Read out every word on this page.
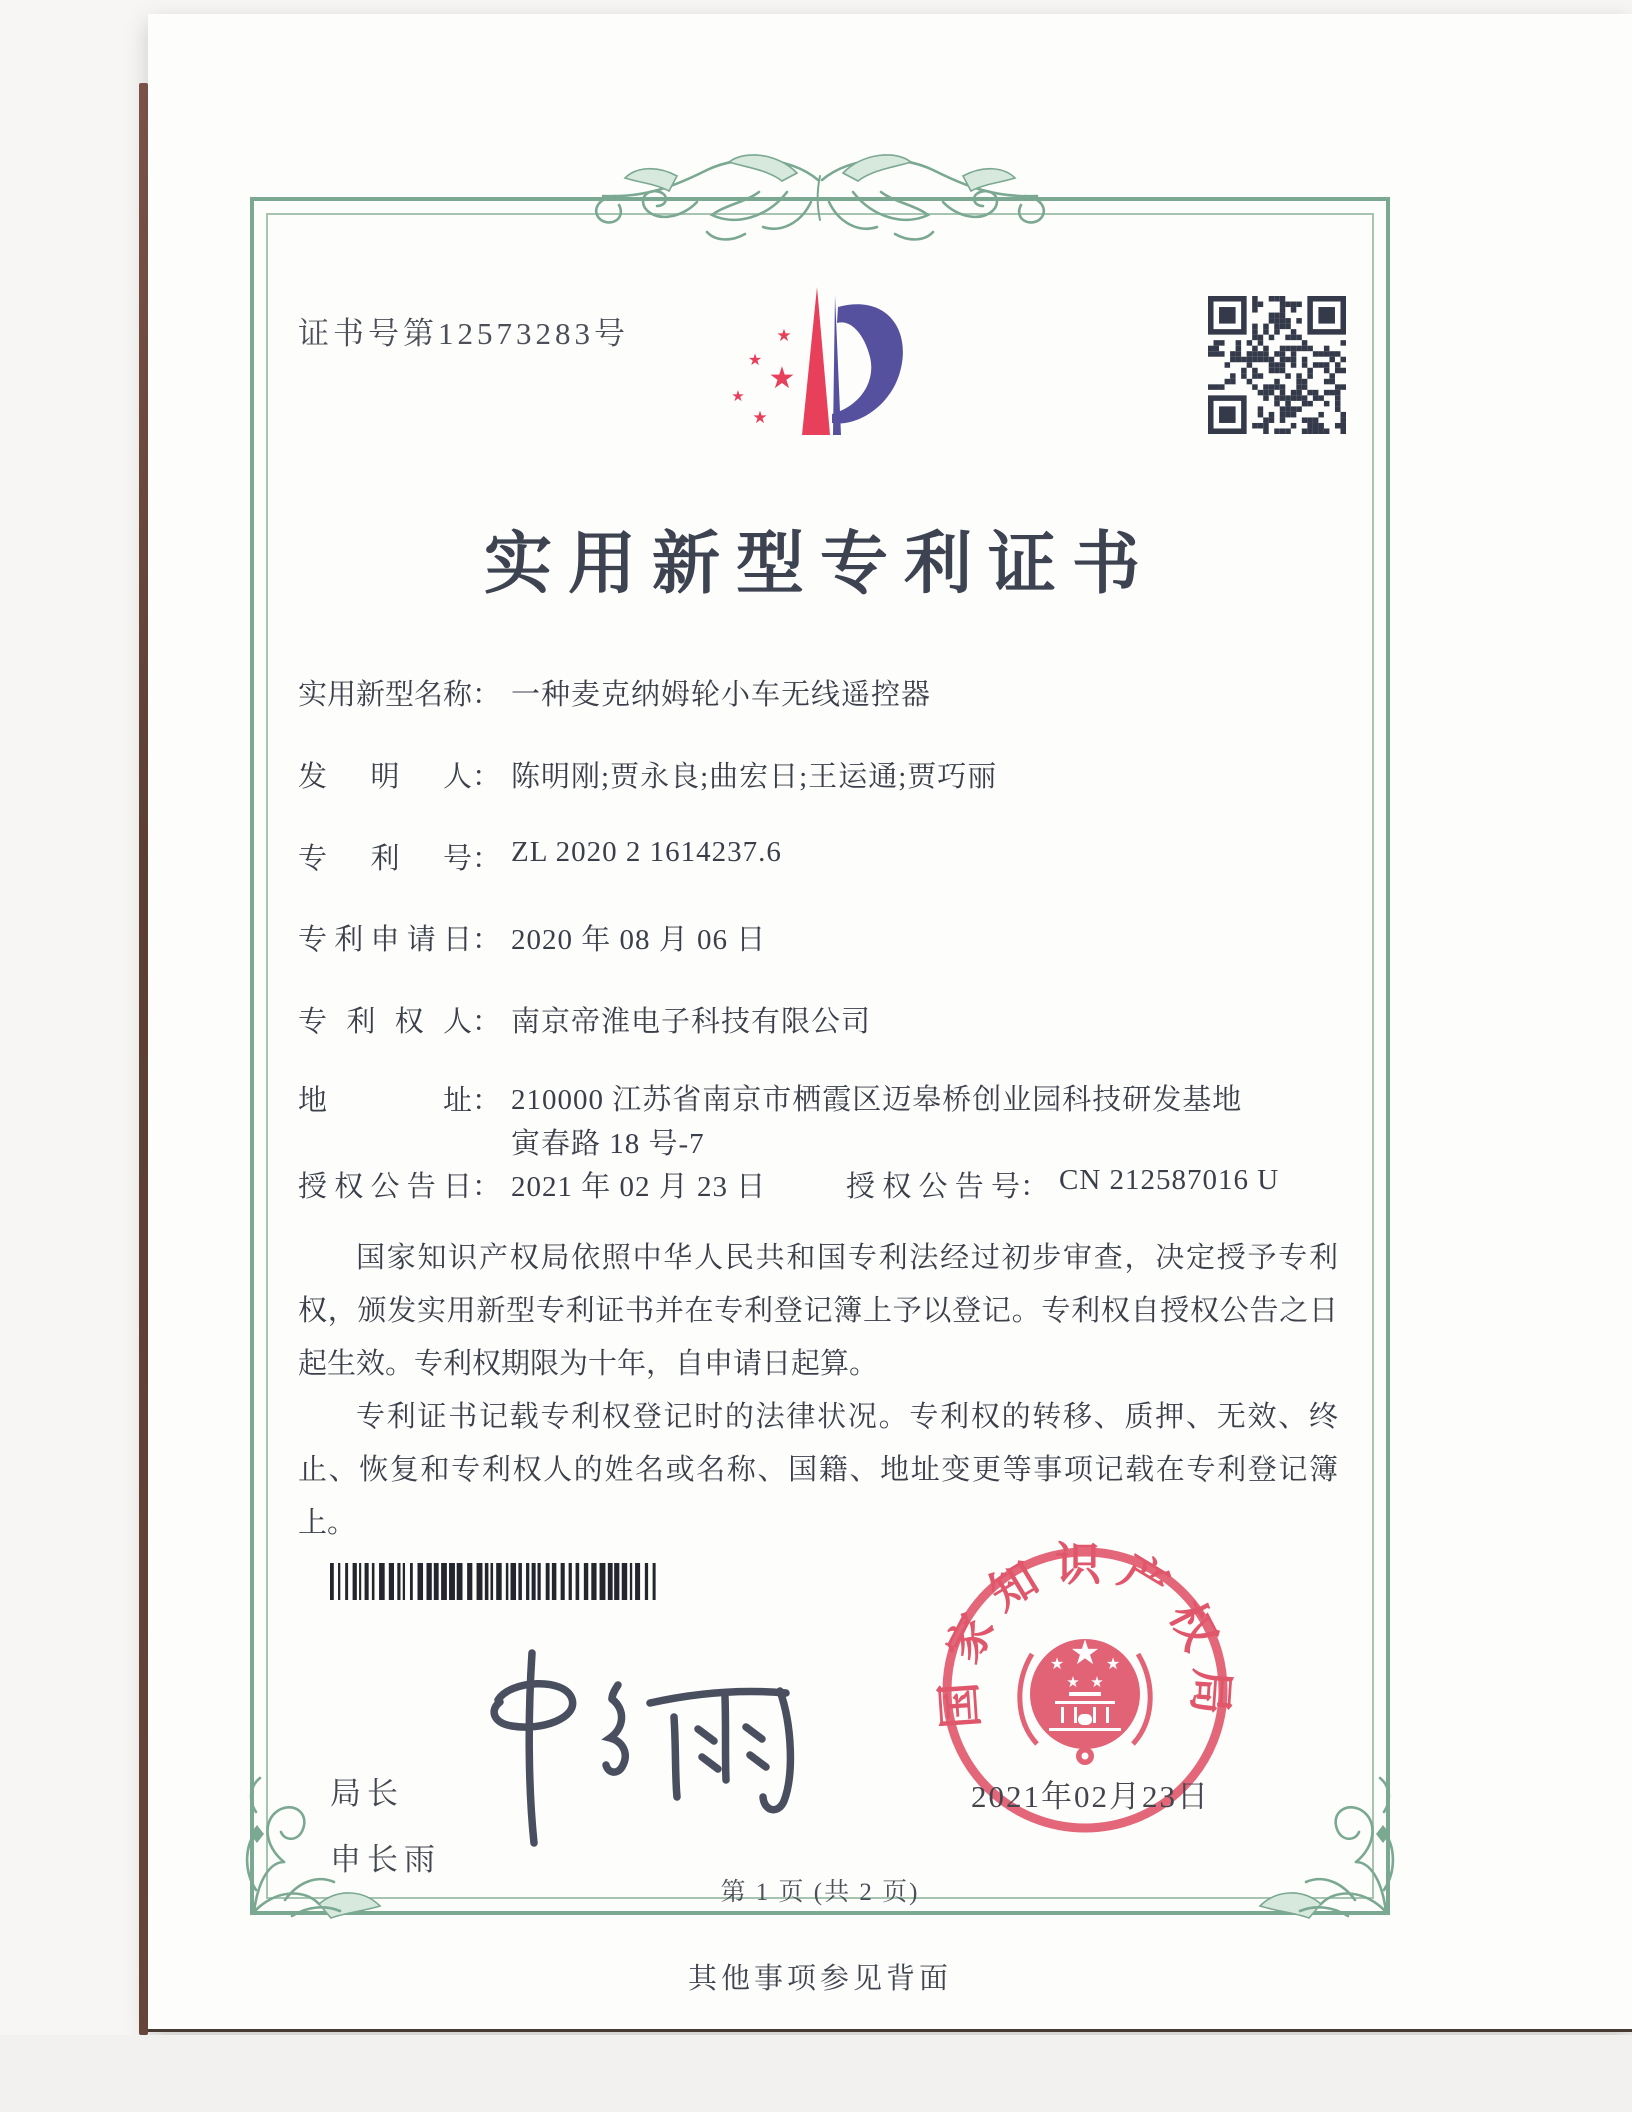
证书号第12573283号	★
★
★
★
★
实用新型专利证书
实用新型名称 ： 一种麦克纳姆轮小车无线遥控器
发明人 ： 陈明刚;贾永良;曲宏日;王运通;贾巧丽
专利号 ： ZL 2020 2 1614237.6
专利申请日 ： 2020 年 08 月 06 日
专利权人 ： 南京帝淮电子科技有限公司
地址 ： 210000 江苏省南京市栖霞区迈皋桥创业园科技研发基地
寅春路 18 号-7
授权公告日 ： 2021 年 02 月 23 日	授权公告号 ： CN 212587016 U

国家知识产权局依照中华人民共和国专利法经过初步审查，决定授予专利权，颁发实用新型专利证书并在专利登记簿上予以登记。专利权自授权公告之日起生效。专利权期限为十年，自申请日起算。

专利证书记载专利权登记时的法律状况。专利权的转移、质押、无效、终止、恢复和专利权人的姓名或名称、国籍、地址变更等事项记载在专利登记簿上。

局长
申长雨
国家知识产权局
★
★	★
★ ★
2021年02月23日
第 1 页 (共 2 页)
其他事项参见背面
